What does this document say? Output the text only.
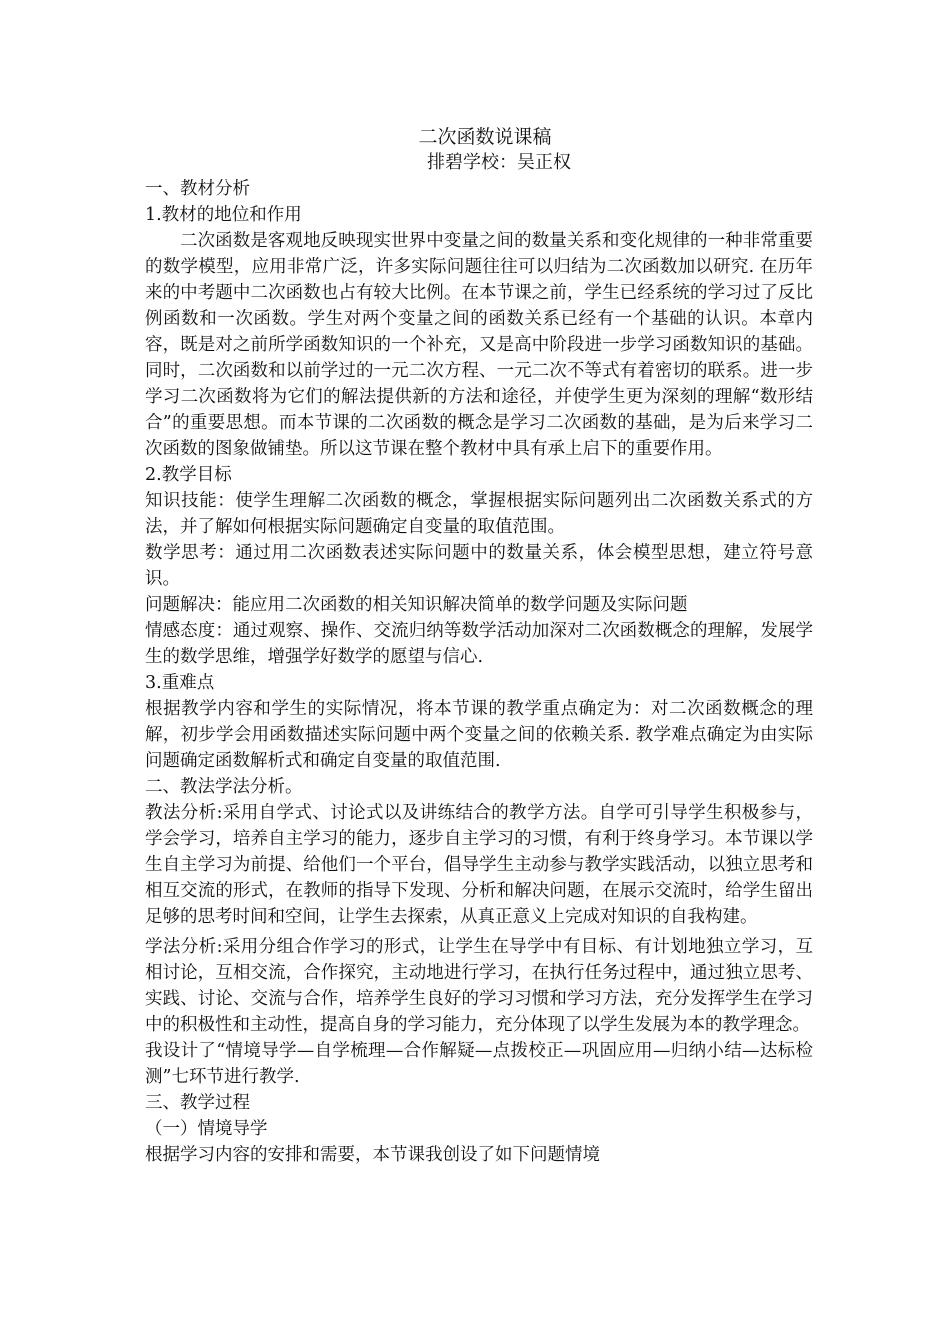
二次函数说课稿
排碧学校：吴正权
一、教材分析
1.教材的地位和作用

二次函数是客观地反映现实世界中变量之间的数量关系和变化规律的一种非常重要的数学模型，应用非常广泛，许多实际问题往往可以归结为二次函数加以研究. 在历年来的中考题中二次函数也占有较大比例。在本节课之前，学生已经系统的学习过了反比例函数和一次函数。学生对两个变量之间的函数关系已经有一个基础的认识。本章内容，既是对之前所学函数知识的一个补充，又是高中阶段进一步学习函数知识的基础。同时，二次函数和以前学过的一元二次方程、一元二次不等式有着密切的联系。进一步学习二次函数将为它们的解法提供新的方法和途径，并使学生更为深刻的理解“数形结合”的重要思想。而本节课的二次函数的概念是学习二次函数的基础，是为后来学习二次函数的图象做铺垫。所以这节课在整个教材中具有承上启下的重要作用。

2.教学目标

知识技能：使学生理解二次函数的概念，掌握根据实际问题列出二次函数关系式的方法，并了解如何根据实际问题确定自变量的取值范围。

数学思考：通过用二次函数表述实际问题中的数量关系，体会模型思想，建立符号意识。

问题解决：能应用二次函数的相关知识解决简单的数学问题及实际问题

情感态度：通过观察、操作、交流归纳等数学活动加深对二次函数概念的理解，发展学生的数学思维，增强学好数学的愿望与信心.

3.重难点

根据教学内容和学生的实际情况，将本节课的教学重点确定为：对二次函数概念的理解，初步学会用函数描述实际问题中两个变量之间的依赖关系. 教学难点确定为由实际问题确定函数解析式和确定自变量的取值范围.

二、教法学法分析。

教法分析:采用自学式、讨论式以及讲练结合的教学方法。自学可引导学生积极参与，学会学习，培养自主学习的能力，逐步自主学习的习惯，有利于终身学习。本节课以学生自主学习为前提、给他们一个平台，倡导学生主动参与教学实践活动，以独立思考和相互交流的形式，在教师的指导下发现、分析和解决问题，在展示交流时，给学生留出足够的思考时间和空间，让学生去探索，从真正意义上完成对知识的自我构建。

学法分析:采用分组合作学习的形式，让学生在导学中有目标、有计划地独立学习，互相讨论，互相交流，合作探究，主动地进行学习，在执行任务过程中，通过独立思考、实践、讨论、交流与合作，培养学生良好的学习习惯和学习方法，充分发挥学生在学习中的积极性和主动性，提高自身的学习能力，充分体现了以学生发展为本的教学理念。

我设计了“情境导学—自学梳理—合作解疑—点拨校正—巩固应用—归纳小结—达标检测”七环节进行教学.

三、教学过程
（一）情境导学

根据学习内容的安排和需要，本节课我创设了如下问题情境
